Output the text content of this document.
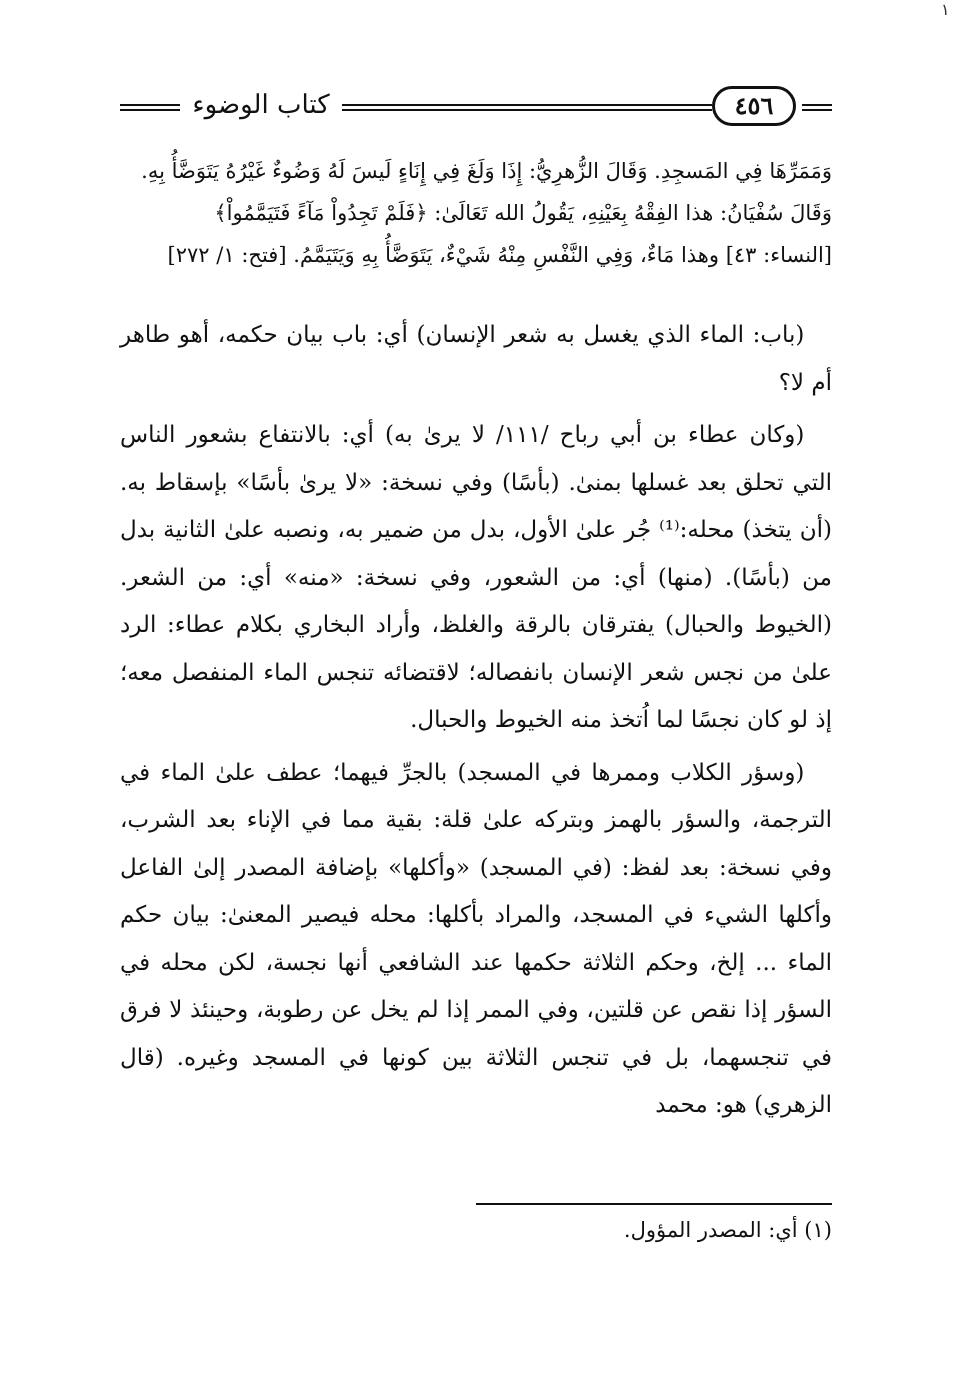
١
كتاب الوضوء	٤٥٦

وَمَمَرِّهَا فِي المَسجِدِ. وَقَالَ الزُّهرِيُّ: إِذَا وَلَغَ فِي إِنَاءٍ لَيسَ لَهُ وَضُوءٌ غَيْرُهُ يَتَوَضَّأُ بِهِ.

وَقَالَ سُفْيَانُ: هذا الفِقْهُ بِعَيْنِهِ، يَقُولُ الله تَعَالَىٰ: ﴿فَلَمْ تَجِدُواْ مَآءً فَتَيَمَّمُواْ﴾

[النساء: ٤٣] وهذا مَاءٌ، وَفِي النَّفْسِ مِنْهُ شَيْءٌ، يَتَوَضَّأُ بِهِ وَيَتَيَمَّمُ. [فتح: ١/ ٢٧٢]

(باب: الماء الذي يغسل به شعر الإنسان) أي: باب بيان حكمه، أهو طاهر أم لا؟

(وكان عطاء بن أبي رباح /١١١/ لا يرىٰ به) أي: بالانتفاع بشعور الناس التي تحلق بعد غسلها بمنىٰ. (بأسًا) وفي نسخة: «لا يرىٰ بأسًا» بإسقاط به. (أن يتخذ) محله:⁽¹⁾ جُر علىٰ الأول، بدل من ضمير به، ونصبه علىٰ الثانية بدل من (بأسًا). (منها) أي: من الشعور، وفي نسخة: «منه» أي: من الشعر. (الخيوط والحبال) يفترقان بالرقة والغلظ، وأراد البخاري بكلام عطاء: الرد علىٰ من نجس شعر الإنسان بانفصاله؛ لاقتضائه تنجس الماء المنفصل معه؛ إذ لو كان نجسًا لما اُتخذ منه الخيوط والحبال.

(وسؤر الكلاب وممرها في المسجد) بالجرِّ فيهما؛ عطف علىٰ الماء في الترجمة، والسؤر بالهمز وبتركه علىٰ قلة: بقية مما في الإناء بعد الشرب، وفي نسخة: بعد لفظ: (في المسجد) «وأكلها» بإضافة المصدر إلىٰ الفاعل وأكلها الشيء في المسجد، والمراد بأكلها: محله فيصير المعنىٰ: بيان حكم الماء ... إلخ، وحكم الثلاثة حكمها عند الشافعي أنها نجسة، لكن محله في السؤر إذا نقص عن قلتين، وفي الممر إذا لم يخل عن رطوبة، وحينئذ لا فرق في تنجسهما، بل في تنجس الثلاثة بين كونها في المسجد وغيره. (قال الزهري) هو: محمد

(١) أي: المصدر المؤول.
